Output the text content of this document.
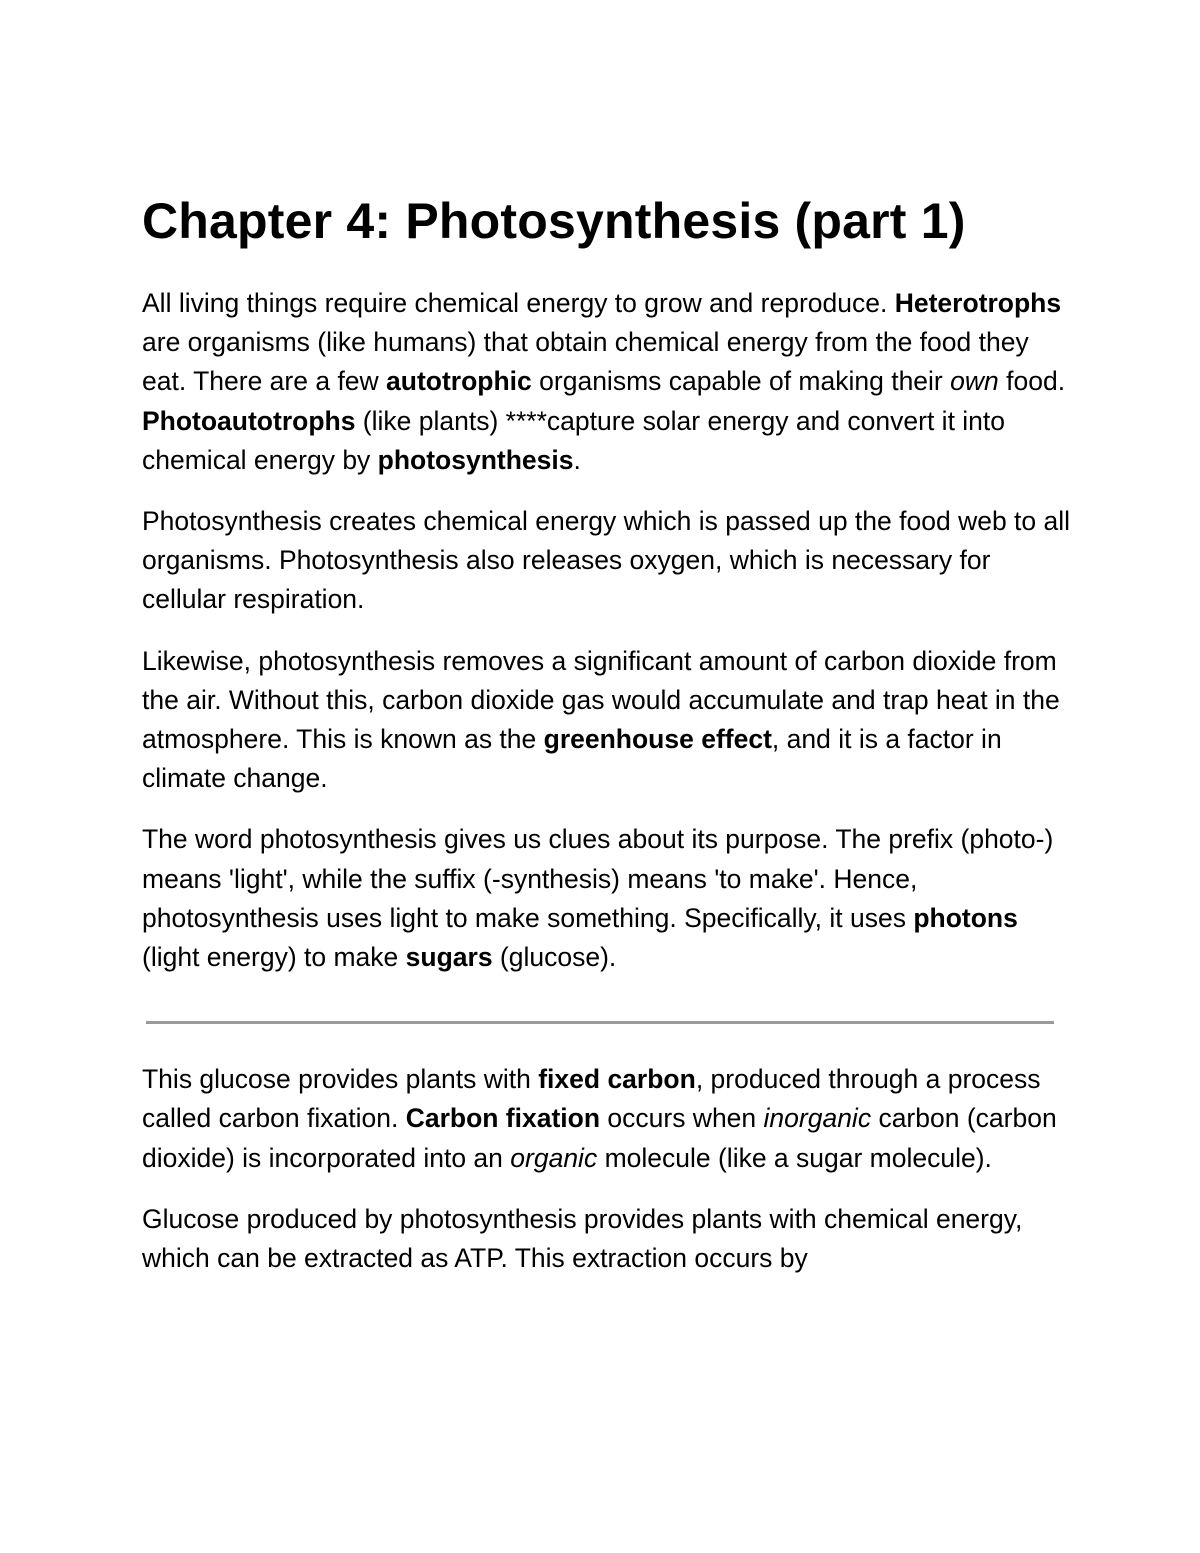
Chapter 4: Photosynthesis (part 1)

All living things require chemical energy to grow and reproduce. Heterotrophs are organisms (like humans) that obtain chemical energy from the food they eat. There are a few autotrophic organisms capable of making their own food. Photoautotrophs (like plants) ****capture solar energy and convert it into chemical energy by photosynthesis.

Photosynthesis creates chemical energy which is passed up the food web to all organisms. Photosynthesis also releases oxygen, which is necessary for cellular respiration.

Likewise, photosynthesis removes a significant amount of carbon dioxide from the air. Without this, carbon dioxide gas would accumulate and trap heat in the atmosphere. This is known as the greenhouse effect, and it is a factor in climate change.

The word photosynthesis gives us clues about its purpose. The prefix (photo-) means 'light', while the suffix (-synthesis) means 'to make'. Hence, photosynthesis uses light to make something. Specifically, it uses photons (light energy) to make sugars (glucose).

This glucose provides plants with fixed carbon, produced through a process called carbon fixation. Carbon fixation occurs when inorganic carbon (carbon dioxide) is incorporated into an organic molecule (like a sugar molecule).

Glucose produced by photosynthesis provides plants with chemical energy, which can be extracted as ATP. This extraction occurs by
